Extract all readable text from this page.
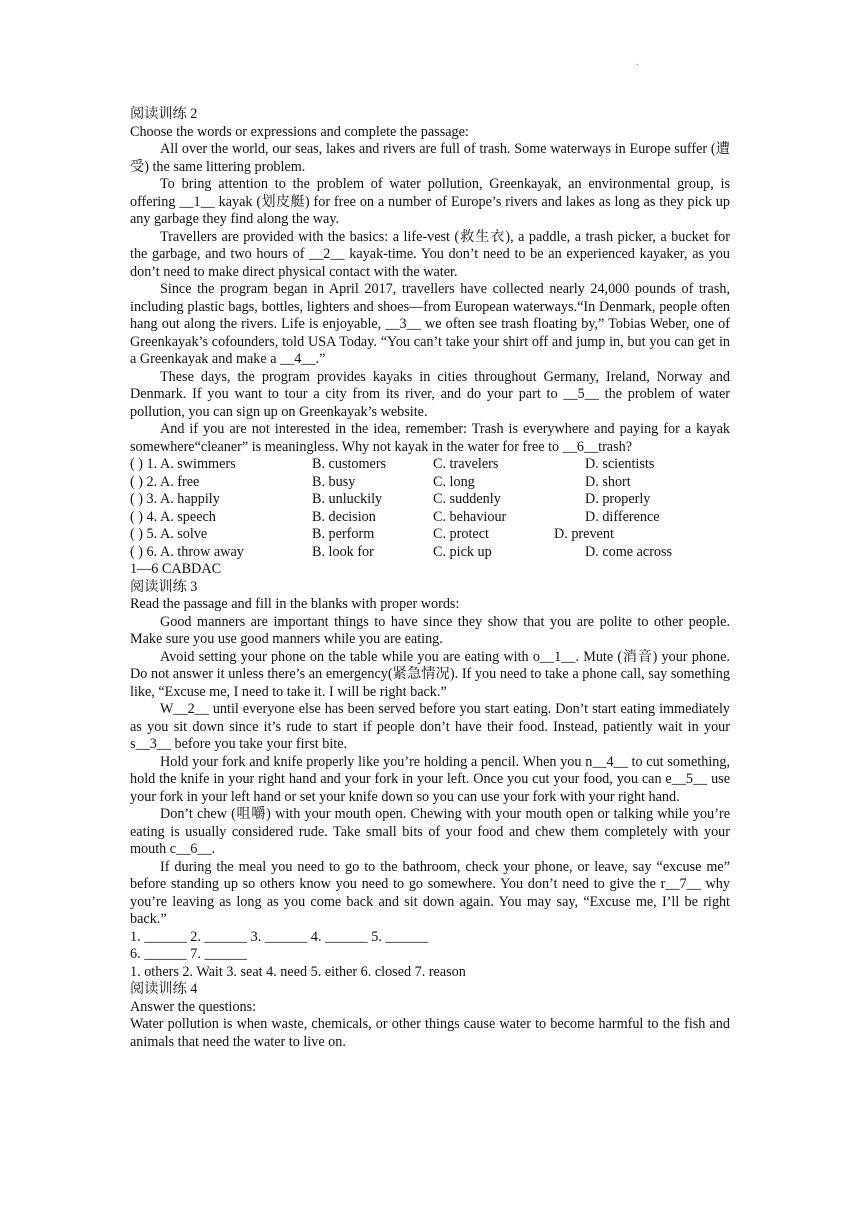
.
阅读训练 2
Choose the words or expressions and complete the passage:

All over the world, our seas, lakes and rivers are full of trash. Some waterways in Europe suffer (遭受) the same littering problem.

To bring attention to the problem of water pollution, Greenkayak, an environmental group, is offering __1__ kayak (划皮艇) for free on a number of Europe’s rivers and lakes as long as they pick up any garbage they find along the way.

Travellers are provided with the basics: a life-vest (救生衣), a paddle, a trash picker, a bucket for the garbage, and two hours of __2__ kayak-time. You don’t need to be an experienced kayaker, as you don’t need to make direct physical contact with the water.

Since the program began in April 2017, travellers have collected nearly 24,000 pounds of trash, including plastic bags, bottles, lighters and shoes—from European waterways.“In Denmark, people often hang out along the rivers. Life is enjoyable, __3__ we often see trash floating by,” Tobias Weber, one of Greenkayak’s cofounders, told USA Today. “You can’t take your shirt off and jump in, but you can get in a Greenkayak and make a __4__.”

These days, the program provides kayaks in cities throughout Germany, Ireland, Norway and Denmark. If you want to tour a city from its river, and do your part to __5__ the problem of water pollution, you can sign up on Greenkayak’s website.

And if you are not interested in the idea, remember: Trash is everywhere and paying for a kayak somewhere“cleaner” is meaningless. Why not kayak in the water for free to __6__trash?

( ) 1. A. swimmers	B. customers	C. travelers	D. scientists
( ) 2. A. free	B. busy	C. long	D. short
( ) 3. A. happily	B. unluckily	C. suddenly	D. properly
( ) 4. A. speech	B. decision	C. behaviour	D. difference
( ) 5. A. solve	B. perform	C. protect	D. prevent
( ) 6. A. throw away	B. look for	C. pick up	D. come across
1—6 CABDAC
阅读训练 3
Read the passage and fill in the blanks with proper words:

Good manners are important things to have since they show that you are polite to other people. Make sure you use good manners while you are eating.

Avoid setting your phone on the table while you are eating with o__1__. Mute (消音) your phone. Do not answer it unless there’s an emergency(紧急情况). If you need to take a phone call, say something like, “Excuse me, I need to take it. I will be right back.”

W__2__ until everyone else has been served before you start eating. Don’t start eating immediately as you sit down since it’s rude to start if people don’t have their food. Instead, patiently wait in your s__3__ before you take your first bite.

Hold your fork and knife properly like you’re holding a pencil. When you n__4__ to cut something, hold the knife in your right hand and your fork in your left. Once you cut your food, you can e__5__ use your fork in your left hand or set your knife down so you can use your fork with your right hand.

Don’t chew (咀嚼) with your mouth open. Chewing with your mouth open or talking while you’re eating is usually considered rude. Take small bits of your food and chew them completely with your mouth c__6__.

If during the meal you need to go to the bathroom, check your phone, or leave, say “excuse me” before standing up so others know you need to go somewhere. You don’t need to give the r__7__ why you’re leaving as long as you come back and sit down again. You may say, “Excuse me, I’ll be right back.”

1. ______ 2. ______ 3. ______ 4. ______ 5. ______
6. ______ 7. ______
1. others 2. Wait 3. seat 4. need 5. either 6. closed 7. reason
阅读训练 4
Answer the questions:

Water pollution is when waste, chemicals, or other things cause water to become harmful to the fish and animals that need the water to live on.
